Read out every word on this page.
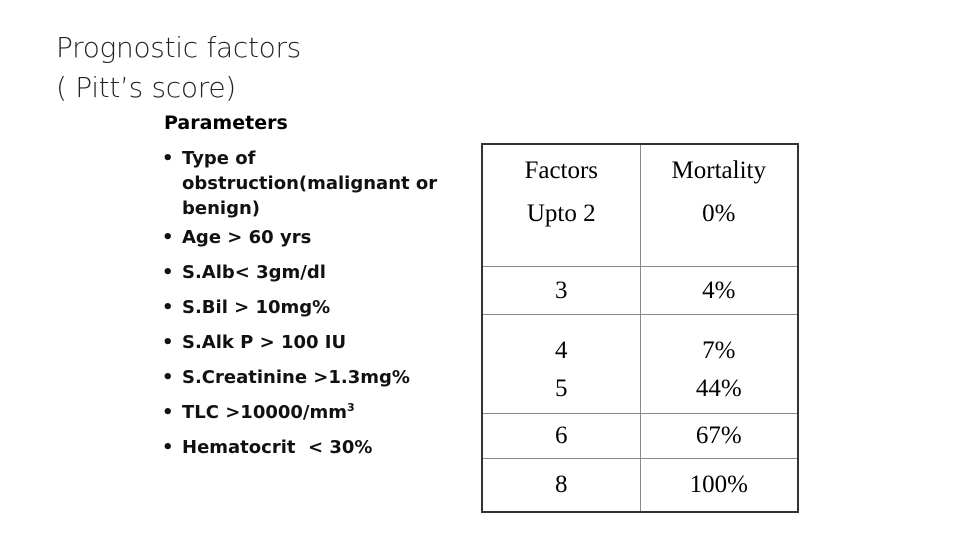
Prognostic factors
( Pitt’s score)
Parameters
• Type of obstruction(malignant or benign)
• Age > 60 yrs
• S.Alb< 3gm/dl
• S.Bil > 10mg%
• S.Alk P > 100 IU
• S.Creatinine >1.3mg%
• TLC $>10000/mm^3$
• Hematocrit  < 30%
Factors	Mortality
Upto 2	0%
3	4%
4	7%
5	44%
6	67%
8	100%
